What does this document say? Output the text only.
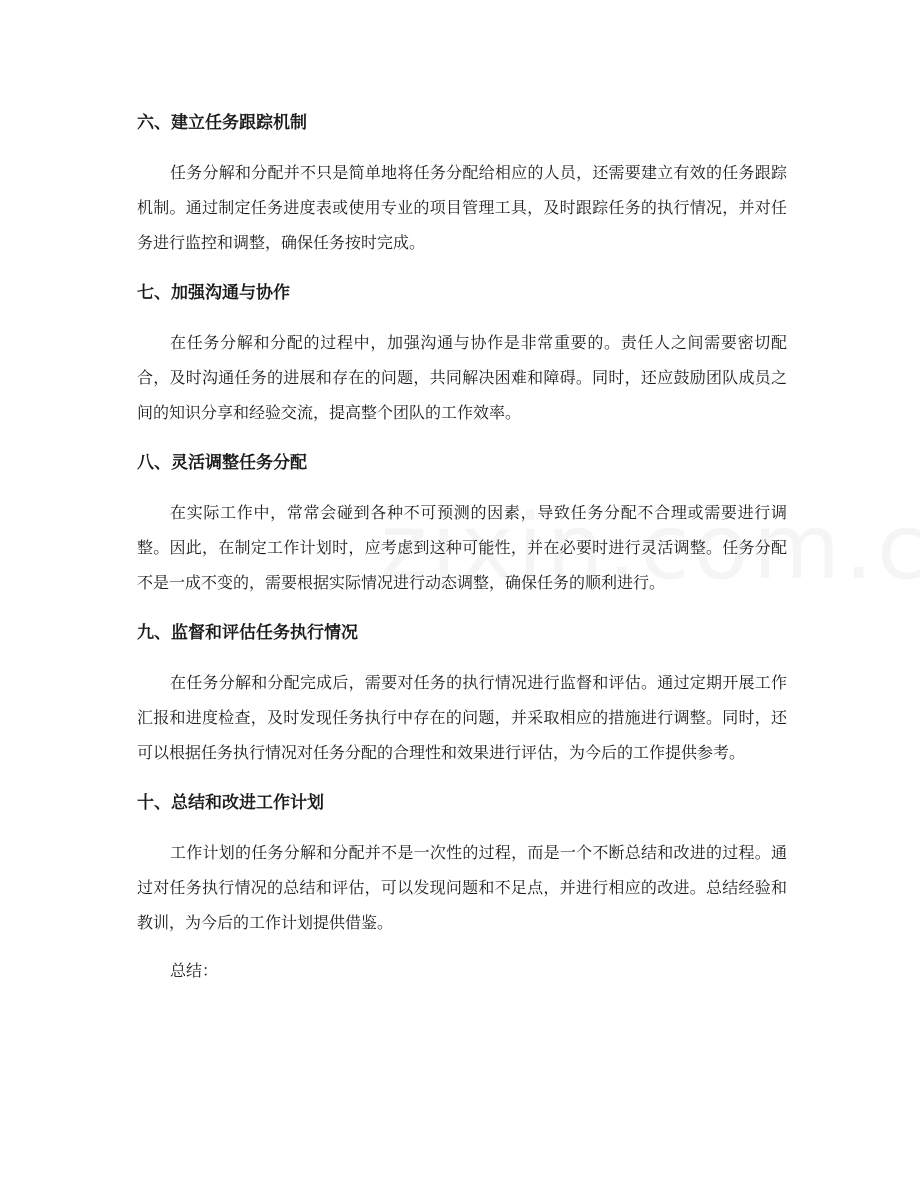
六、建立任务跟踪机制

任务分解和分配并不只是简单地将任务分配给相应的人员，还需要建立有效的任务跟踪机制。通过制定任务进度表或使用专业的项目管理工具，及时跟踪任务的执行情况，并对任务进行监控和调整，确保任务按时完成。

七、加强沟通与协作

在任务分解和分配的过程中，加强沟通与协作是非常重要的。责任人之间需要密切配合，及时沟通任务的进展和存在的问题，共同解决困难和障碍。同时，还应鼓励团队成员之间的知识分享和经验交流，提高整个团队的工作效率。

八、灵活调整任务分配

在实际工作中，常常会碰到各种不可预测的因素，导致任务分配不合理或需要进行调整。因此，在制定工作计划时，应考虑到这种可能性，并在必要时进行灵活调整。任务分配不是一成不变的，需要根据实际情况进行动态调整，确保任务的顺利进行。

九、监督和评估任务执行情况

在任务分解和分配完成后，需要对任务的执行情况进行监督和评估。通过定期开展工作汇报和进度检查，及时发现任务执行中存在的问题，并采取相应的措施进行调整。同时，还可以根据任务执行情况对任务分配的合理性和效果进行评估，为今后的工作提供参考。

十、总结和改进工作计划

工作计划的任务分解和分配并不是一次性的过程，而是一个不断总结和改进的过程。通过对任务执行情况的总结和评估，可以发现问题和不足点，并进行相应的改进。总结经验和教训，为今后的工作计划提供借鉴。

总结：
